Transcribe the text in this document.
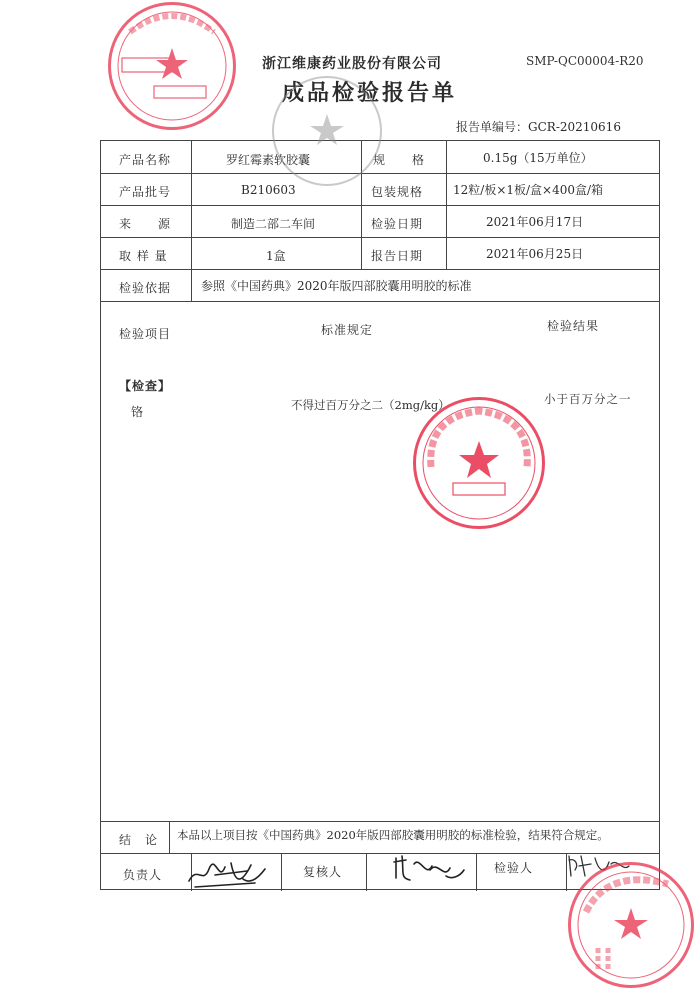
SMP-QC00004-R20
浙江维康药业股份有限公司
成品检验报告单
报告单编号：GCR-20210616
产品名称	罗红霉素软胶囊	规　　格	0.15g（15万单位）
产品批号	B210603	包装规格 12粒/板×1板/盒×400盒/箱
来　　源	制造二部二车间	检验日期	2021年06月17日
取 样 量	1盒	报告日期	2021年06月25日
检验依据 参照《中国药典》2020年版四部胶囊用明胶的标准
检验项目	标准规定	检验结果
【检查】
铬	不得过百万分之二（2mg/kg）	小于百万分之一
结　论 本品以上项目按《中国药典》2020年版四部胶囊用明胶的标准检验，结果符合规定。
负责人	复核人	检验人
